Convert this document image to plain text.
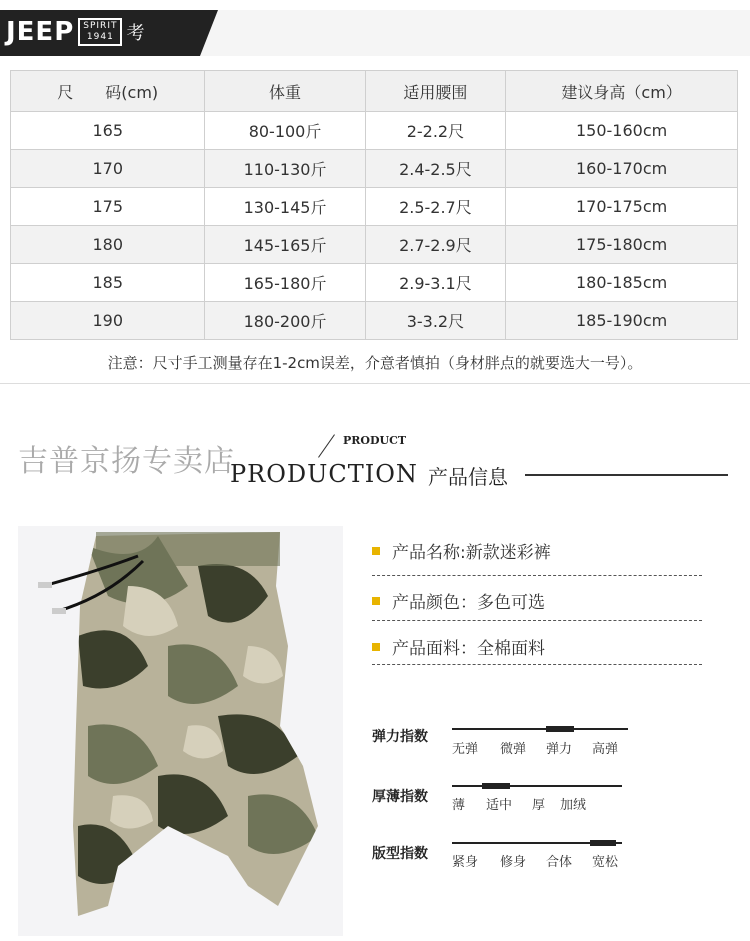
JEEP SPIRIT
1941 考
尺　　码(cm)	体重	适用腰围	建议身高（cm）
165	80-100斤	2-2.2尺	150-160cm
170	110-130斤	2.4-2.5尺	160-170cm
175	130-145斤	2.5-2.7尺	170-175cm
180	145-165斤	2.7-2.9尺	175-180cm
185	165-180斤	2.9-3.1尺	180-185cm
190	180-200斤	3-3.2尺	185-190cm
注意：尺寸手工测量存在1-2cm误差，介意者慎拍（身材胖点的就要选大一号）。
吉普京扬专卖店
PRODUCT
PRODUCTION 产品信息
产品名称:新款迷彩裤
产品颜色：多色可选
产品面料：全棉面料
弹力指数
无弹	微弹	弹力	高弹
厚薄指数
薄	适中	厚	加绒
版型指数
紧身	修身	合体	宽松
